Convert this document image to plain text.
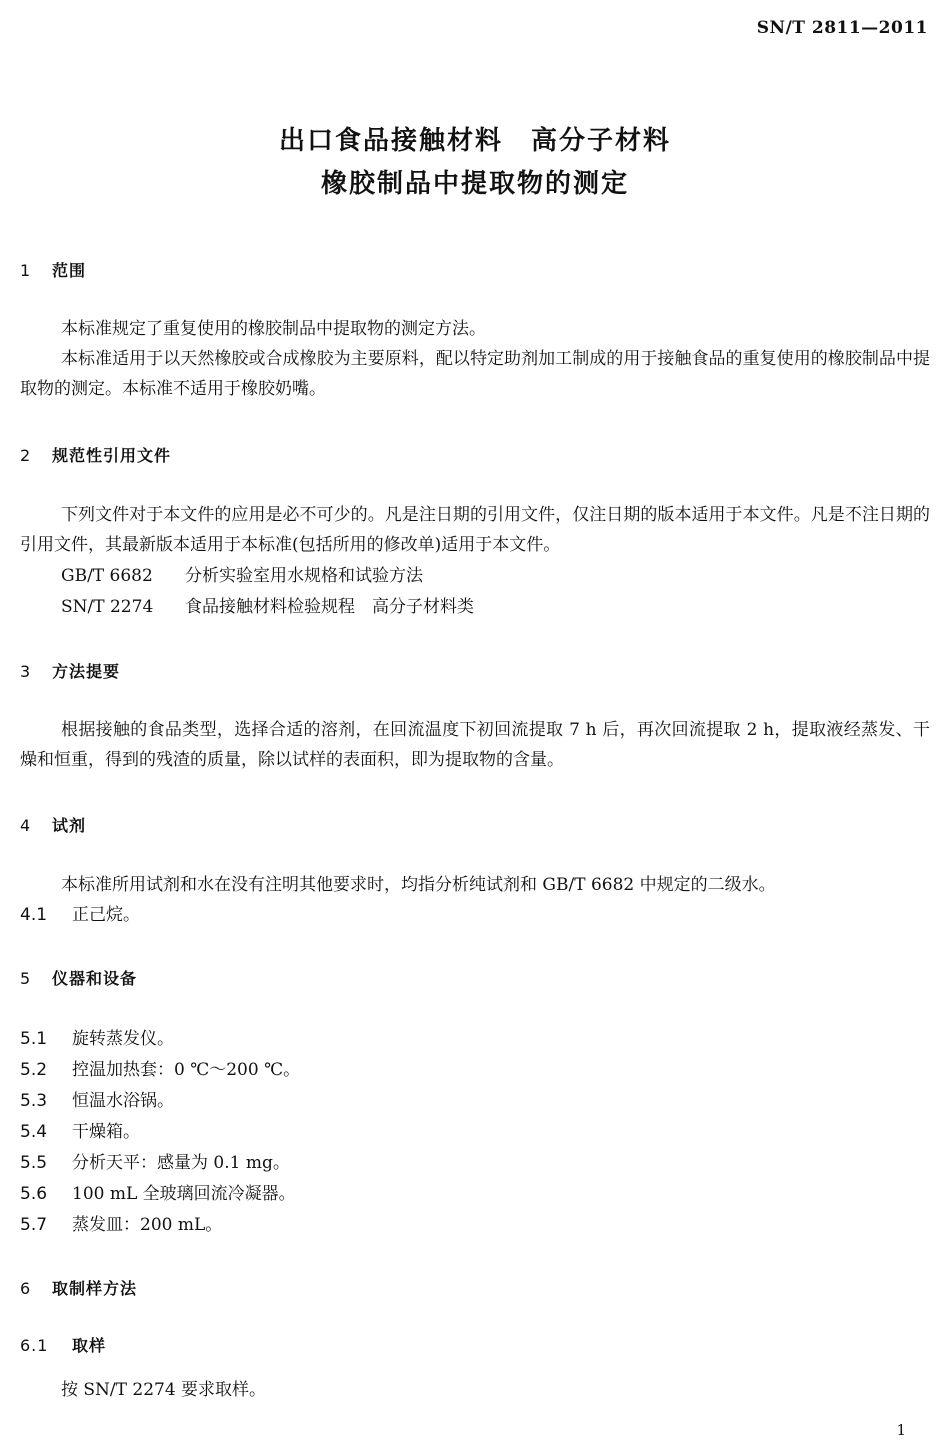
SN/T 2811—2011
出口食品接触材料　高分子材料
橡胶制品中提取物的测定
1 范围
本标准规定了重复使用的橡胶制品中提取物的测定方法。
本标准适用于以天然橡胶或合成橡胶为主要原料，配以特定助剂加工制成的用于接触食品的重复使用的橡胶制品中提取物的测定。本标准不适用于橡胶奶嘴。
2 规范性引用文件
下列文件对于本文件的应用是必不可少的。凡是注日期的引用文件，仅注日期的版本适用于本文件。凡是不注日期的引用文件，其最新版本适用于本标准(包括所用的修改单)适用于本文件。
GB/T 6682 分析实验室用水规格和试验方法
SN/T 2274 食品接触材料检验规程　高分子材料类
3 方法提要
根据接触的食品类型，选择合适的溶剂，在回流温度下初回流提取 7 h 后，再次回流提取 2 h，提取液经蒸发、干燥和恒重，得到的残渣的质量，除以试样的表面积，即为提取物的含量。
4 试剂
本标准所用试剂和水在没有注明其他要求时，均指分析纯试剂和 GB/T 6682 中规定的二级水。
4.1 正己烷。
5 仪器和设备
5.1 旋转蒸发仪。
5.2 控温加热套：0 ℃～200 ℃。
5.3 恒温水浴锅。
5.4 干燥箱。
5.5 分析天平：感量为 0.1 mg。
5.6 100 mL 全玻璃回流冷凝器。
5.7 蒸发皿：200 mL。
6 取制样方法
6.1 取样
按 SN/T 2274 要求取样。
1
